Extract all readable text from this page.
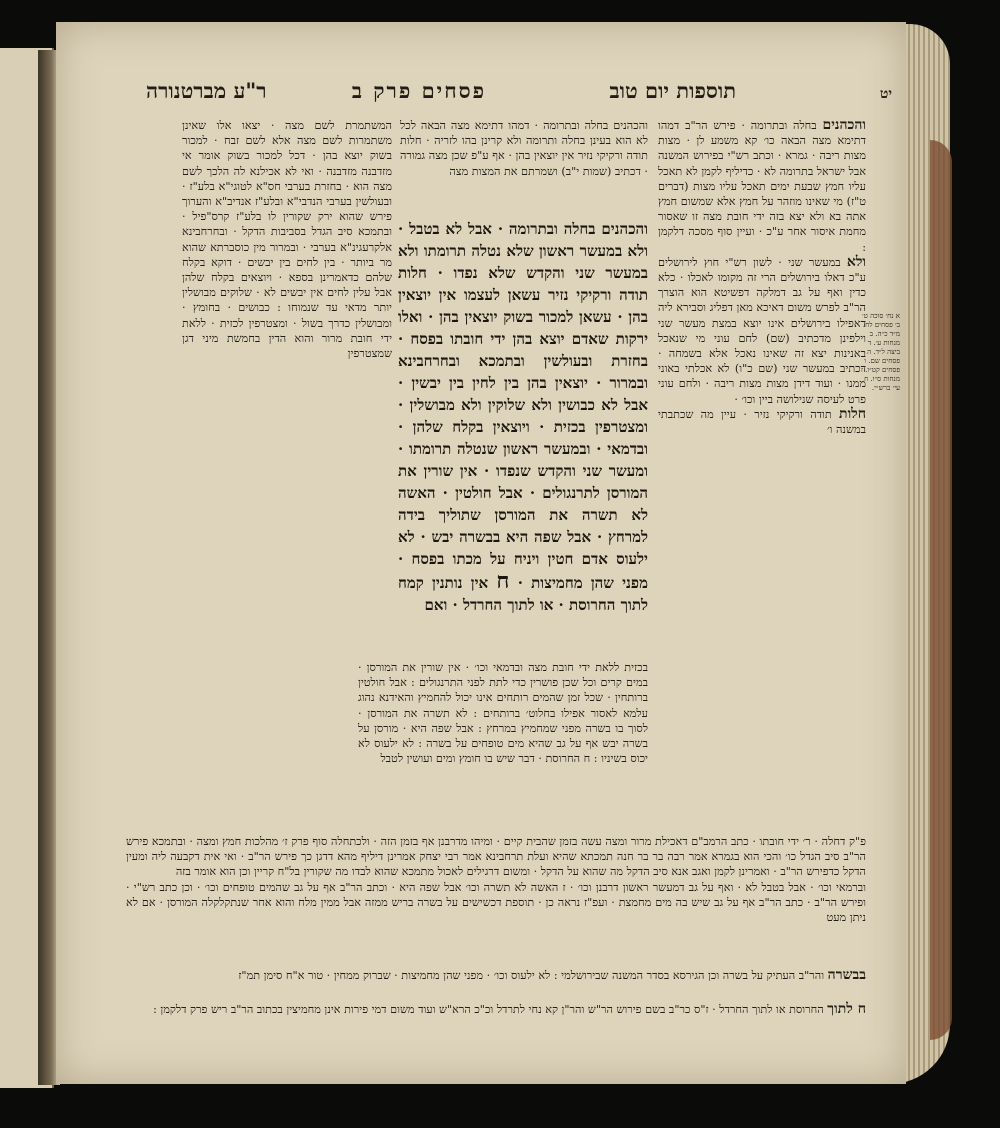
תוספות יום טוב
פסחים פרק ב
ר"ע מברטנורה	יט
והכהנים בחלה ובתרומה · פירש הר"ב דמהו דתימא מצה הבאה כו׳ קא משמע לן · מצות מצות ריבה · גמרא · וכתב רש"י בפירוש המשנה אבל ישראל בתרומה לא · כדיליף לקמן לא תאכל עליו חמץ שבעת ימים תאכל עליו מצות (דברים ט"ז) מי שאינו מוזהר על חמץ אלא שמשום חמץ אתה בא ולא יצא בזה ידי חובת מצה זו שאסור מחמת איסור אחר ע"כ · ועיין סוף מסכה דלקמן :
ולא במעשר שני · לשון רש"י חוץ לירושלים ע"כ דאלו בירושלים הרי זה מקומו לאכלו · כלא כדין ואף על גב דמלקה דפשיטא הוא הוצרך הר"ב לפרש משום דאיכא מאן דפליג וסבירא ליה דאפילו בירושלים אינו יוצא במצת מעשר שני וילפינן מדכתיב (שם) לחם עוני מי שנאכל באנינות יצא זה שאינו נאכל אלא בשמחה · דכתיב במעשר שני (שם כ"ו) לא אכלתי באוני ממנו · ועוד דידן מצות מצות ריבה · ולחם עוני פרט לעיסה שנילושה ביין וכו׳ ·
חלות תודה ורקיקי נזיר · עיין מה שכתבתי במשנה ו׳
א נח׳ סוכה ט׳ ב׳ פסחים לח. מ״ד כ״ה. ב מנחות ע׳. ד ביצה ל״ד. ה פסחים שם. ו פסחים קט״ו. ז מנחות ס״ו. ח עי׳ ברש״י.
והכהנים בחלה ובתרומה · דמהו דתימא מצה הבאה לכל לא הוא בעינן בחלה ותרומה ולא קרינן בהו לזריה · חלות תודה ורקיקי נזיר אין יוצאין בהן · אף ע"פ שכן מצה גמורה · דכתיב (שמות י"ב) ושמרתם את המצות מצה
והכהנים בחלה ובתרומה · אבל לא בטבל · ולא במעשר ראשון שלא נטלה תרומתו ולא במעשר שני והקדש שלא נפדו · חלות תודה ורקיקי נזיר עשאן לעצמו אין יוצאין בהן · עשאן למכור בשוק יוצאין בהן · ואלו ירקות שאדם יוצא בהן ידי חובתו בפסח · בחזרת ובעולשין ובתמכא ובחרחבינא ובמרור · יוצאין בהן בין לחין בין יבשין · אבל לא כבושין ולא שלוקין ולא מבושלין · ומצטרפין בכזית · ויוצאין בקלח שלהן · ובדמאי · ובמעשר ראשון שנטלה תרומתו · ומעשר שני והקדש שנפדו · אין שורין את המורסן לתרנגולים · אבל חולטין · האשה לא תשרה את המורסן שתוליך בידה למרחץ · אבל שפה היא בבשרה יבש · לא ילעוס אדם חטין ויניח על מכתו בפסח · מפני שהן מחמיצות · ח אין נותנין קמח לתוך החרוסת · או לתוך החרדל · ואם
המשתמרת לשם מצה · יצאו אלו שאינן משתמרות לשם מצה אלא לשם זבח · למכור בשוק יוצא בהן · דכל למכור בשוק אומר אי מזדבנה מזדבנה · ואי לא אכילנא לה הלכך לשם מצה הוא · בחזרת בערבי חס"א לטוגי"א בלע"ז · ובעולשין בערבי הנדבי"א ובלע"ז אנדיב"א והערוך פירש שהוא ירק שקורין לו בלע"ז קרס"פיל · ובתמכא סיב הגדל בסביבות הדקל · ובחרחבינא אלקרעגינ"א בערבי · ובמרור מין כוסברתא שהוא מר ביותר · בין לחים בין יבשים · דוקא בקלח שלהם כדאמרינן בספא · ויוצאים בקלח שלהן אבל עלין לחים אין יבשים לא · שלוקים מבושלין יותר מדאי עד שנמוחו : כבושים · בחומץ · ומבושלין כדרך בשול · ומצטרפין לכזית · ללאת ידי חובת מרור והוא הדין בחמשת מיני דגן שמצטרפין
בכזית ללאת ידי חובת מצה ובדמאי וכו׳ · אין שורין את המורסן · במים קרים וכל שכן פושרין כדי לתת לפני התרנגולים : אבל חולטין ברותחין · שכל זמן שהמים רותחים אינו יכול להחמיץ והאידנא נהוג עלמא לאסור אפילו בחלוט׳ ברותחים : לא תשרה את המורסן · לסוך בו בשרה מפני שמחמיץ במרחץ : אבל שפה היא · מורסן על בשרה יבש אף על גב שהיא מים טופחים על בשרה : לא ילעוס לא יכוס בשיניו : ח החרוסת · דבר שיש בו חומץ ומים ועושין לטבל
פ"ק דחלה · ר׳ ידי חובתו · כתב הרמב"ם דאכילת מרור ומצה עשה בזמן שהבית קיים · ומיהו מדרבנן אף בזמן הזה · ולכתחלה סוף פרק ז׳ מהלכות חמץ ומצה · ובתמכא פירש הר"ב סיב הגדל כו׳ והכי הוא בגמרא אמר רבה בר בר חנה תמכתא שהיא ועלת תרחבינא אמר רבי יצחק אמרינן דיליף מהא דדגן כך פירש הר"ב · ואי אית דקבעה ליה ומעין הדקל כדפירש הר"ב · ואמרינן לקמן ואגב אנא סיב הדקל מה שהוא על הדקל · ומשום דרגילים לאכול מתמכא שהוא לבדו מה שקורין בל"ח קריין וכן הוא אומר בזה
וברמאי וכו׳ · אבל בטבל לא · ואף על גב דמעשר ראשון דרבנן וכו׳ · ז האשה לא תשרה וכו׳ אבל שפה היא · וכתב הר"ב אף על גב שהמים טופחים וכו׳ · וכן כתב רש"י · ופירש הר"ב · כתב הר"ב אף על גב שיש בה מים מחמצת · ועפ"ז נראה כן · תוספת דכשישים על בשרה בריש ממזה אבל ממין מלח והוא אחר שנתקלקלה המורסן · אם לא ניתן מעט
בבשרה והר"ב העתיק על בשרה וכן הגירסא בסדר המשנה שבירושלמי : לא ילעוס וכו׳ · מפני שהן מחמיצות · שברוק ממחין · טור א"ח סימן תמ"ז
ח לתוך החרוסת או לתוך החרדל · ז"ס כר"ב בשם פירוש הר"ש והר"ן קא נחי לתרדל וכ"כ הרא"ש ועוד משום דמי פירות אינן מחמיצין בכתוב הר"ב ריש פרק דלקמן :
